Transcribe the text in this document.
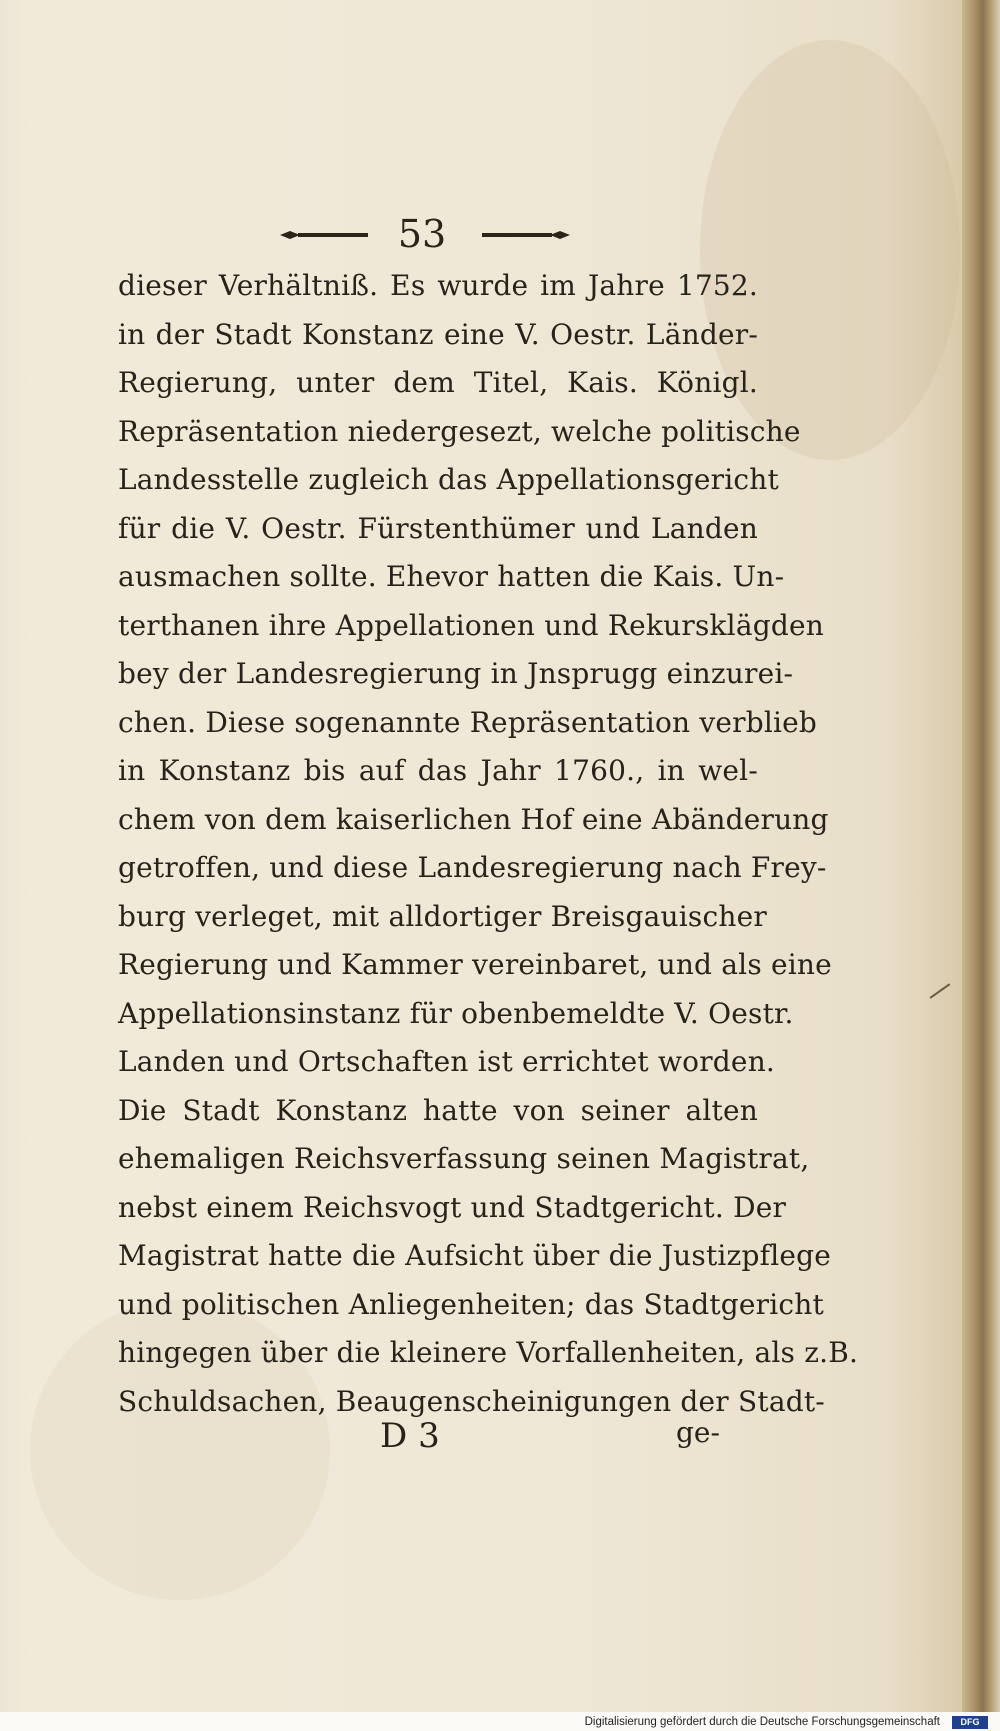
53
dieser Verhältniß. Es wurde im Jahre 1752.
in der Stadt Konstanz eine V. Oestr. Länder-
Regierung, unter dem Titel, Kais. Königl.
Repräsentation niedergesezt, welche politische
Landesstelle zugleich das Appellationsgericht
für die V. Oestr. Fürstenthümer und Landen
ausmachen sollte. Ehevor hatten die Kais. Un-
terthanen ihre Appellationen und Rekursklägden
bey der Landesregierung in Jnsprugg einzurei-
chen. Diese sogenannte Repräsentation verblieb
in Konstanz bis auf das Jahr 1760., in wel-
chem von dem kaiserlichen Hof eine Abänderung
getroffen, und diese Landesregierung nach Frey-
burg verleget, mit alldortiger Breisgauischer
Regierung und Kammer vereinbaret, und als eine
Appellationsinstanz für obenbemeldte V. Oestr.
Landen und Ortschaften ist errichtet worden.
Die Stadt Konstanz hatte von seiner alten
ehemaligen Reichsverfassung seinen Magistrat,
nebst einem Reichsvogt und Stadtgericht. Der
Magistrat hatte die Aufsicht über die Justizpflege
und politischen Anliegenheiten; das Stadtgericht
hingegen über die kleinere Vorfallenheiten, als z.B.
Schuldsachen, Beaugenscheinigungen der Stadt-
D 3	ge-
Digitalisierung gefördert durch die Deutsche Forschungsgemeinschaft	DFG
